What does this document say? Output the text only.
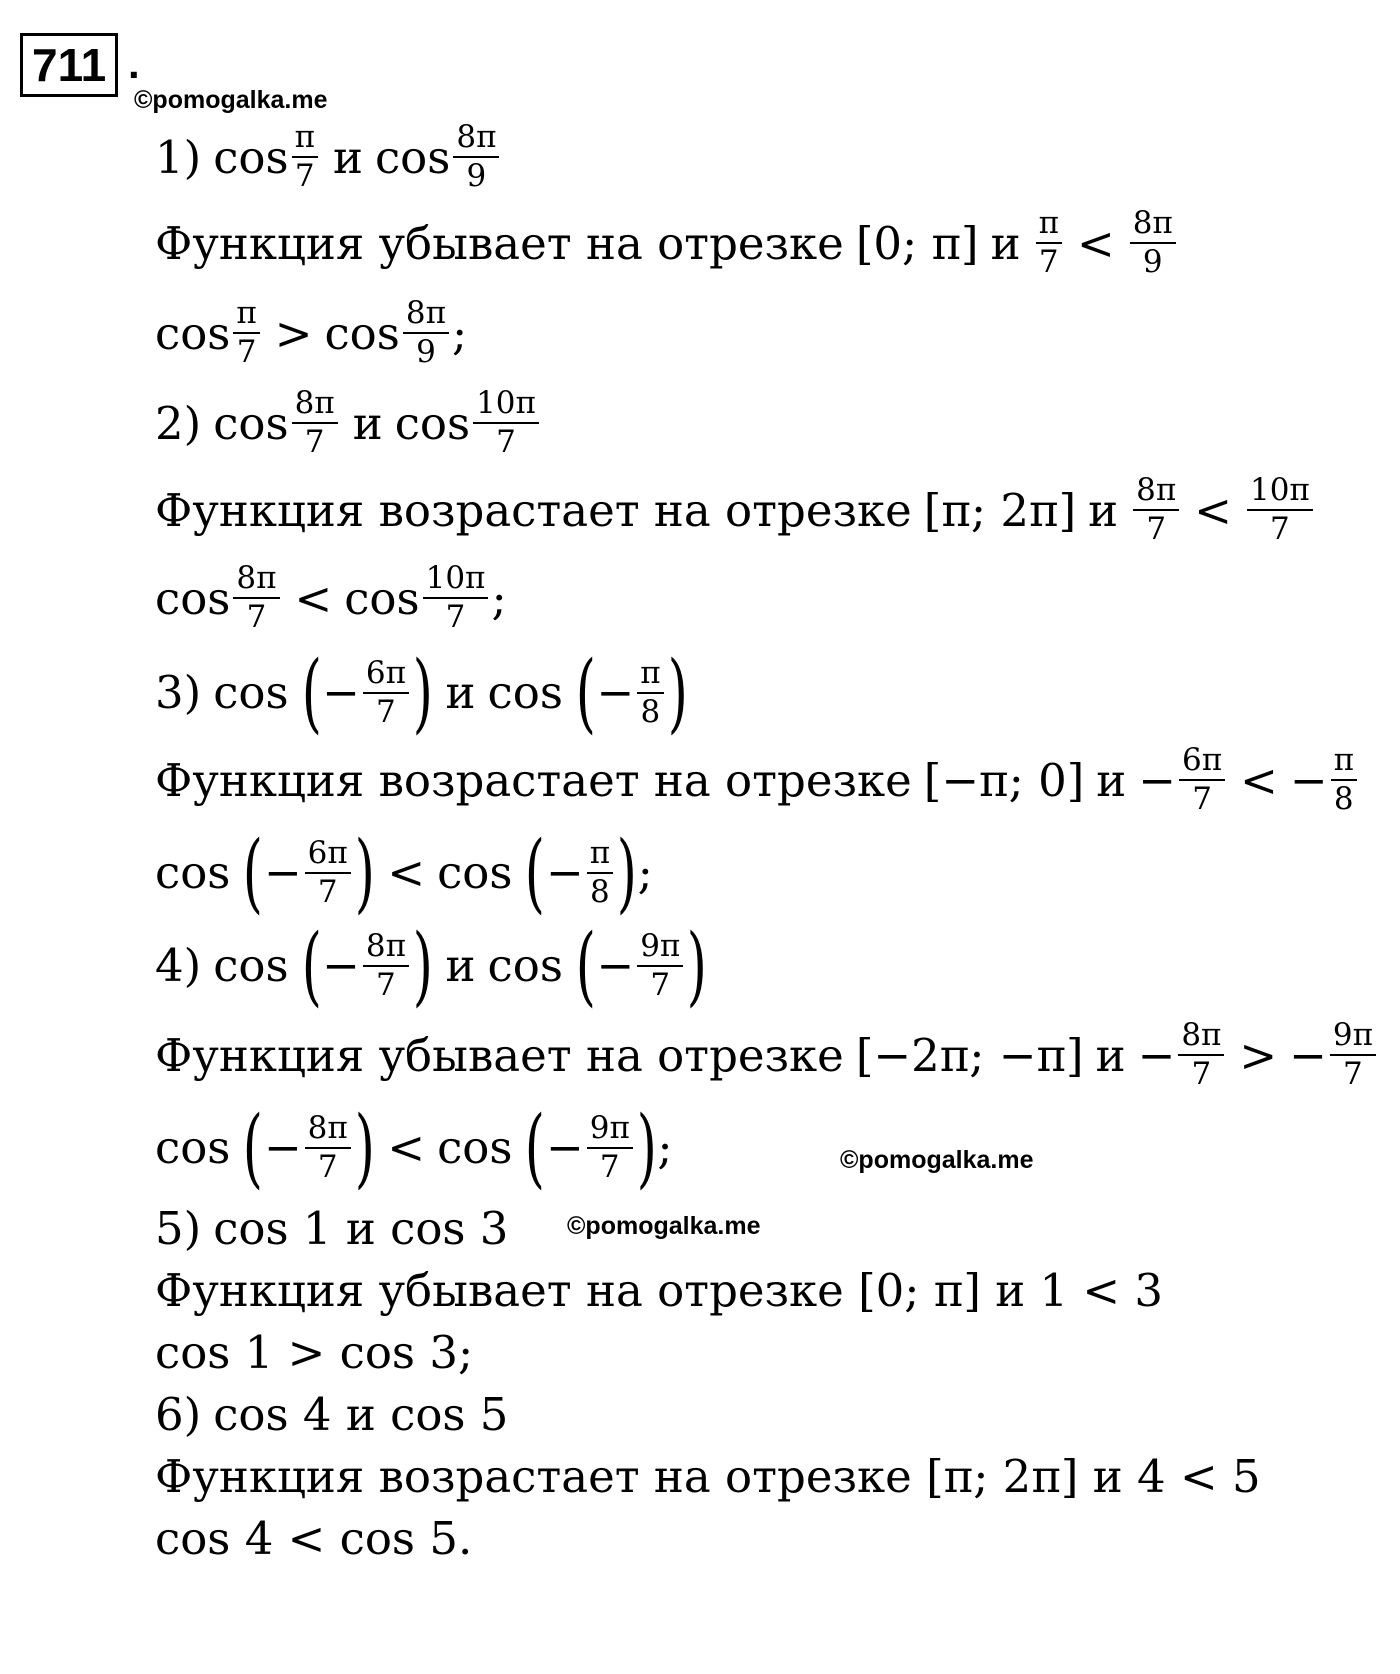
711 .
©pomogalka.me
©pomogalka.me
©pomogalka.me
1) cos π
7 и cos 8π
9
Функция убывает на отрезке [0; π] и π
7 < 8π
9
cos π
7 > cos 8π
9 ;
2) cos 8π
7 и cos 10π
7
Функция возрастает на отрезке [π; 2π] и 8π
7 < 10π
7
cos 8π
7 < cos 10π
7 ;
3) cos ( − $\frac{6\pi}{7}$ ) и cos ( − $\frac{\pi}{8}$ )
Функция возрастает на отрезке [−π; 0] $и - \frac{6\pi}{7}$ < − $\frac{\pi}{8}$
cos ( − $\frac{6\pi}{7}$ ) < cos ( − $\frac{\pi}{8}$ ) ;
4) cos ( − $\frac{8\pi}{7}$ ) и cos ( − $\frac{9\pi}{7}$ )
Функция убывает на отрезке [−2π; −π] $и - \frac{8\pi}{7}$ > − $\frac{9\pi}{7}$
cos ( − $\frac{8\pi}{7}$ ) < cos ( − $\frac{9\pi}{7}$ ) ;
5) cos 1 и cos 3
Функция убывает на отрезке [0; π] и 1 < 3
cos 1 > cos 3;
6) cos 4 и cos 5
Функция возрастает на отрезке [π; 2π] и 4 < 5
cos 4 < cos 5.
